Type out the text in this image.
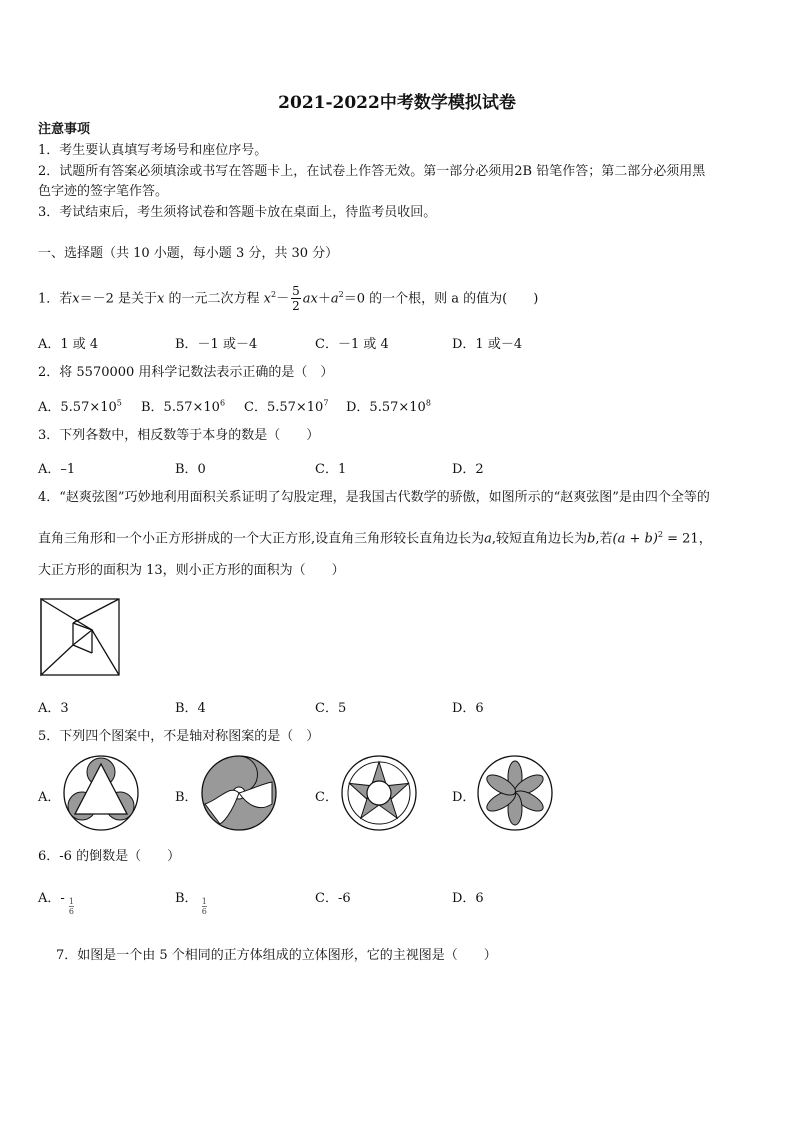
2021-2022中考数学模拟试卷
注意事项
1．考生要认真填写考场号和座位序号。
2．试题所有答案必须填涂或书写在答题卡上，在试卷上作答无效。第一部分必须用2B 铅笔作答；第二部分必须用黑
色字迹的签字笔作答。
3．考试结束后，考生须将试卷和答题卡放在桌面上，待监考员收回。
一、选择题（共 10 小题，每小题 3 分，共 30 分）
1．若x＝－2 是关于x 的一元二次方程 $x^2- \frac{5}{2} ax+a^2=0$ 的一个根，则 a 的值为(　　)
A．1 或 4	B．－1 或－4	C．－1 或 4	D．1 或－4
2．将 5570000 用科学记数法表示正确的是（　）
A．$5.57\times 10^5$ B．$5.57\times 10^6$ C．$5.57\times 10^7$ D．$5.57\times 10^8$
3．下列各数中，相反数等于本身的数是（　　）
A．–1	B．0	C．1	D．2
4．“赵爽弦图”巧妙地利用面积关系证明了勾股定理，是我国古代数学的骄傲，如图所示的“赵爽弦图”是由四个全等的
直角三角形和一个小正方形拼成的一个大正方形,设直角三角形较长直角边长为a,较短直角边长为b,若$(a + b)^2 = 21$，
大正方形的面积为 13，则小正方形的面积为（　　）
A．3	B．4	C．5	D．6
5．下列四个图案中，不是轴对称图案的是（　）
A．	B．	C．	D．
6．-6 的倒数是（　　）
A．- $\frac{1}{6}$	B． $\frac{1}{6}$	C．-6	D．6
7．如图是一个由 5 个相同的正方体组成的立体图形，它的主视图是（　　）
